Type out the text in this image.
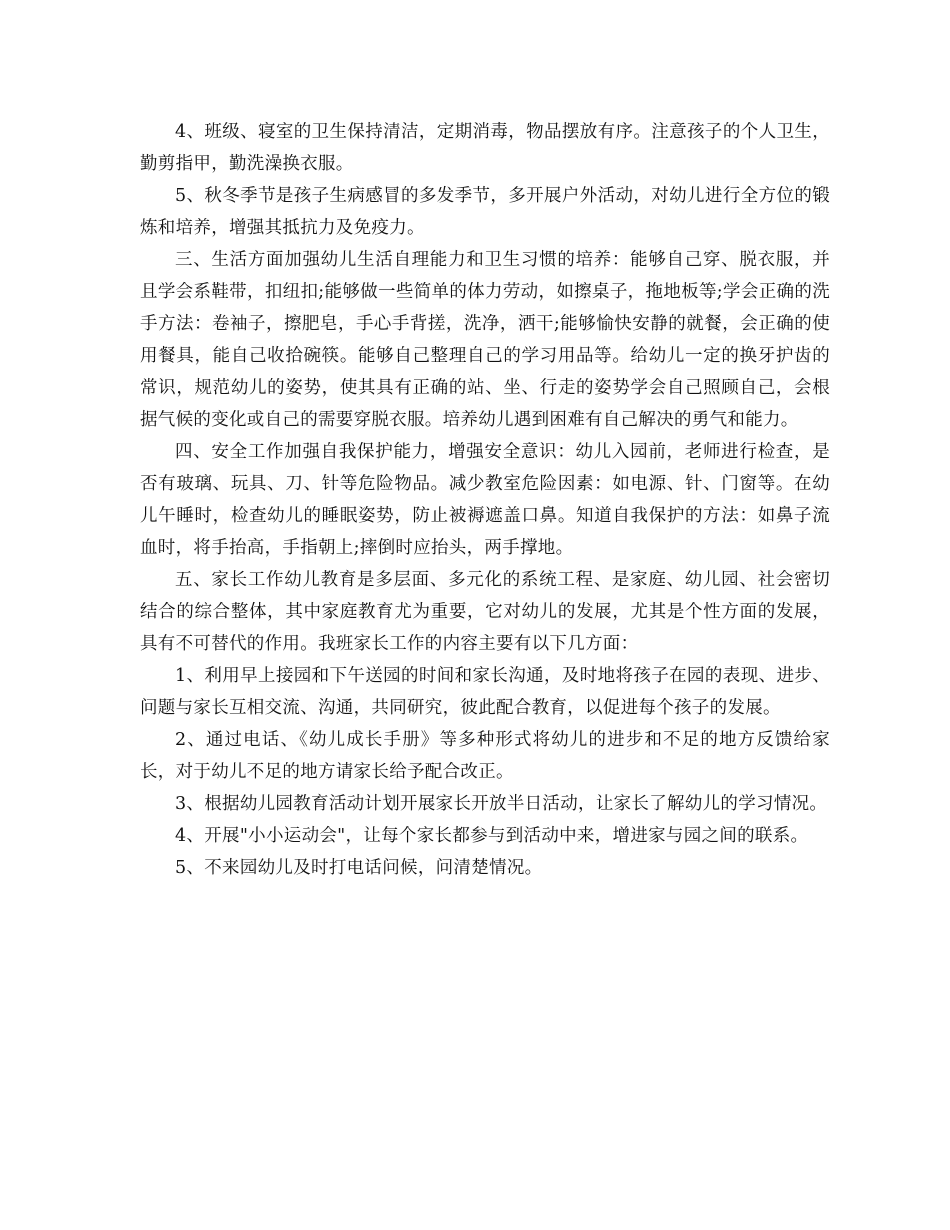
4、班级、寝室的卫生保持清洁，定期消毒，物品摆放有序。注意孩子的个人卫生，勤剪指甲，勤洗澡换衣服。

5、秋冬季节是孩子生病感冒的多发季节，多开展户外活动，对幼儿进行全方位的锻炼和培养，增强其抵抗力及免疫力。

三、生活方面加强幼儿生活自理能力和卫生习惯的培养：能够自己穿、脱衣服，并且学会系鞋带，扣纽扣;能够做一些简单的体力劳动，如擦桌子，拖地板等;学会正确的洗手方法：卷袖子，擦肥皂，手心手背搓，洗净，洒干;能够愉快安静的就餐，会正确的使用餐具，能自己收拾碗筷。能够自己整理自己的学习用品等。给幼儿一定的换牙护齿的常识，规范幼儿的姿势，使其具有正确的站、坐、行走的姿势学会自己照顾自己，会根据气候的变化或自己的需要穿脱衣服。培养幼儿遇到困难有自己解决的勇气和能力。

四、安全工作加强自我保护能力，增强安全意识：幼儿入园前，老师进行检查，是否有玻璃、玩具、刀、针等危险物品。减少教室危险因素：如电源、针、门窗等。在幼儿午睡时，检查幼儿的睡眠姿势，防止被褥遮盖口鼻。知道自我保护的方法：如鼻子流血时，将手抬高，手指朝上;摔倒时应抬头，两手撑地。

五、家长工作幼儿教育是多层面、多元化的系统工程、是家庭、幼儿园、社会密切结合的综合整体，其中家庭教育尤为重要，它对幼儿的发展，尤其是个性方面的发展，具有不可替代的作用。我班家长工作的内容主要有以下几方面：

1、利用早上接园和下午送园的时间和家长沟通，及时地将孩子在园的表现、进步、问题与家长互相交流、沟通，共同研究，彼此配合教育，以促进每个孩子的发展。

2、通过电话、《幼儿成长手册》等多种形式将幼儿的进步和不足的地方反馈给家长，对于幼儿不足的地方请家长给予配合改正。

3、根据幼儿园教育活动计划开展家长开放半日活动，让家长了解幼儿的学习情况。

4、开展"小小运动会"，让每个家长都参与到活动中来，增进家与园之间的联系。

5、不来园幼儿及时打电话问候，问清楚情况。
